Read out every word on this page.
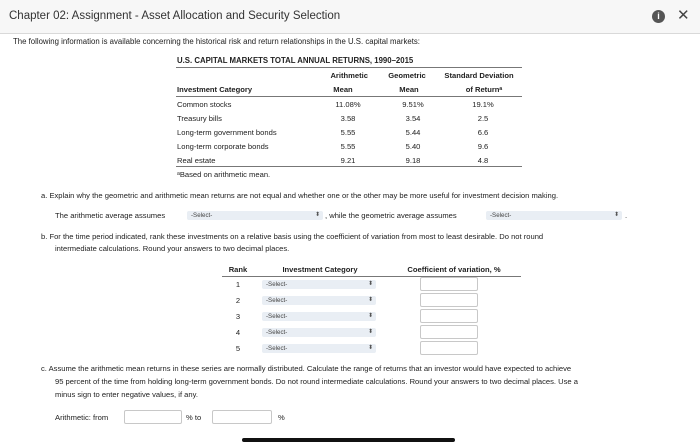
Chapter 02: Assignment - Asset Allocation and Security Selection	i	✕
The following information is available concerning the historical risk and return relationships in the U.S. capital markets:
U.S. CAPITAL MARKETS TOTAL ANNUAL RETURNS, 1990–2015
Arithmetic	Geometric	Standard Deviation
Investment Category	Mean	Mean	of Returnᵃ
Common stocks	11.08%	9.51%	19.1%
Treasury bills	3.58	3.54	2.5
Long-term government bonds	5.55	5.44	6.6
Long-term corporate bonds	5.55	5.40	9.6
Real estate	9.21	9.18	4.8
ᵃBased on arithmetic mean.
a. Explain why the geometric and arithmetic mean returns are not equal and whether one or the other may be more useful for investment decision making.
The arithmetic average assumes	-Select-	⬍ , while the geometric average assumes	-Select-	⬍ .
b. For the time period indicated, rank these investments on a relative basis using the coefficient of variation from most to least desirable. Do not round
intermediate calculations. Round your answers to two decimal places.
Rank	Investment Category	Coefficient of variation, %
1	-Select-	⬍
2	-Select-	⬍
3	-Select-	⬍
4	-Select-	⬍
5	-Select-	⬍
c. Assume the arithmetic mean returns in these series are normally distributed. Calculate the range of returns that an investor would have expected to achieve
95 percent of the time from holding long-term government bonds. Do not round intermediate calculations. Round your answers to two decimal places. Use a
minus sign to enter negative values, if any.
Arithmetic: from	% to	%
